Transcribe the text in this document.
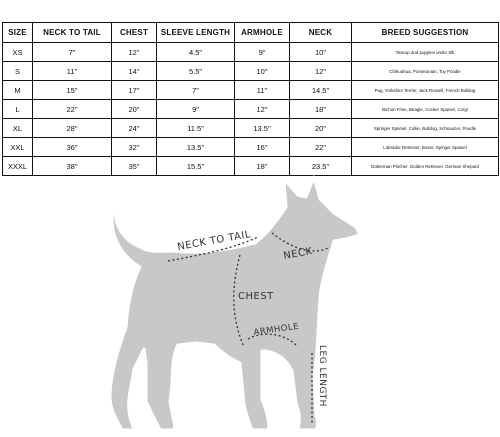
SIZE	NECK TO TAIL	CHEST	SLEEVE LENGTH	ARMHOLE	NECK	BREED SUGGESTION
XS	7"	12"	4.5"	9"	10"	Teacup and puppies under 5lb
S	11"	14"	5.5"	10"	12"	Chihuahua, Pomeranian, Toy Poodle
M	15"	17"	7"	11"	14.5"	Pug, Yorkshire Terrier, Jack Russell, French Bulldog
L	22"	20"	9"	12"	18"	Bichon Frise, Beagle, Cocker Spaniel, Corgi
XL	28"	24"	11.5"	13.5"	20"	Springer Spaniel, Collie, Bulldog, Schnauzer, Poodle
XXL	36"	32"	13.5"	16"	22"	Labrador Retriever, Boxer, Spinger Spaniel
XXXL	38"	35"	15.5"	18"	23.5"	Doberman Pincher, Golden Retriever, German Shepard
NECK TO TAIL
NECK
CHEST
ARMHOLE
LEG LENGTH
